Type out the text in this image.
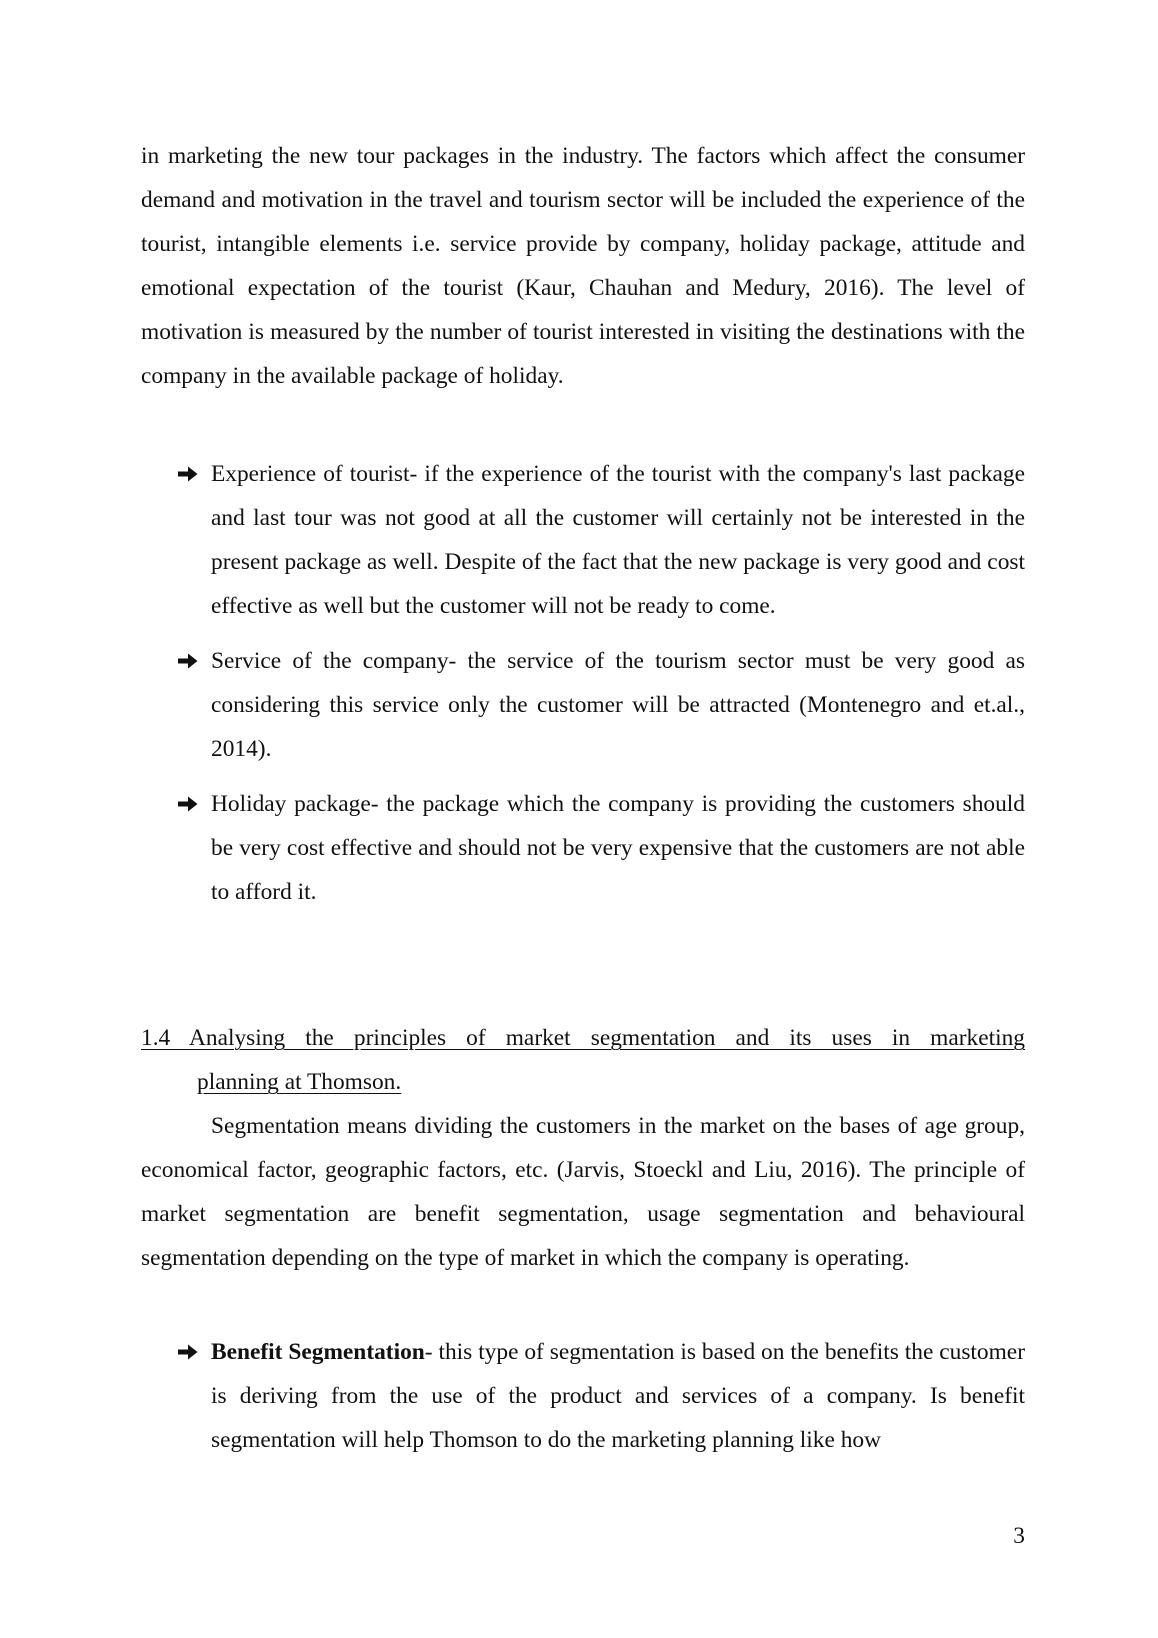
in marketing the new tour packages in the industry. The factors which affect the consumer demand and motivation in the travel and tourism sector will be included the experience of the tourist, intangible elements i.e. service provide by company, holiday package, attitude and emotional expectation of the tourist (Kaur, Chauhan and Medury, 2016). The level of motivation is measured by the number of tourist interested in visiting the destinations with the company in the available package of holiday.

Experience of tourist- if the experience of the tourist with the company's last package and last tour was not good at all the customer will certainly not be interested in the present package as well. Despite of the fact that the new package is very good and cost effective as well but the customer will not be ready to come.
Service of the company- the service of the tourism sector must be very good as considering this service only the customer will be attracted (Montenegro and et.al., 2014).
Holiday package- the package which the company is providing the customers should be very cost effective and should not be very expensive that the customers are not able to afford it.
1.4 Analysing the principles of market segmentation and its uses in marketing
planning at Thomson.

Segmentation means dividing the customers in the market on the bases of age group, economical factor, geographic factors, etc. (Jarvis, Stoeckl and Liu, 2016). The principle of market segmentation are benefit segmentation, usage segmentation and behavioural segmentation depending on the type of market in which the company is operating.

Benefit Segmentation- this type of segmentation is based on the benefits the customer is deriving from the use of the product and services of a company. Is benefit segmentation will help Thomson to do the marketing planning like how
3
